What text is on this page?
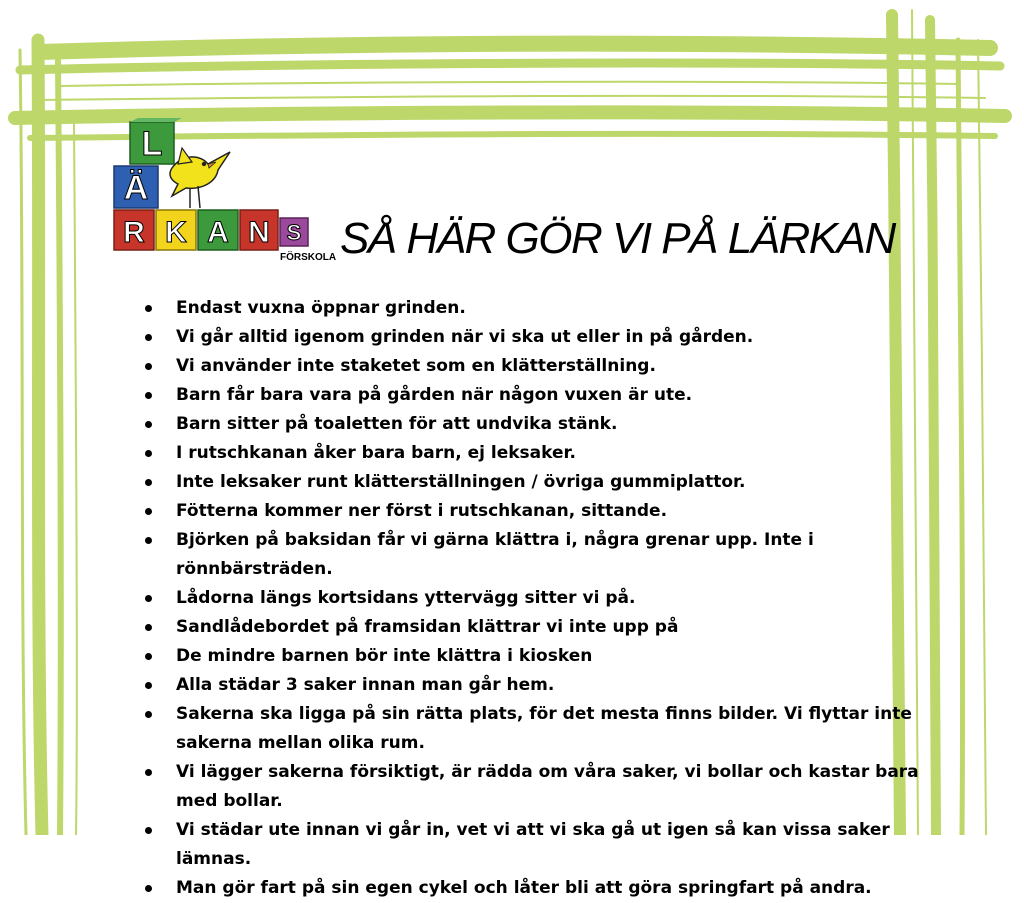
L
Ä
R K A N S
FÖRSKOLA SÅ HÄR GÖR VI PÅ LÄRKAN
Endast vuxna öppnar grinden.
Vi går alltid igenom grinden när vi ska ut eller in på gården.
Vi använder inte staketet som en klätterställning.
Barn får bara vara på gården när någon vuxen är ute.
Barn sitter på toaletten för att undvika stänk.
I rutschkanan åker bara barn, ej leksaker.
Inte leksaker runt klätterställningen / övriga gummiplattor.
Fötterna kommer ner först i rutschkanan, sittande.
Björken på baksidan får vi gärna klättra i, några grenar upp. Inte i rönnbärsträden.
Lådorna längs kortsidans yttervägg sitter vi på.
Sandlådebordet på framsidan klättrar vi inte upp på
De mindre barnen bör inte klättra i kiosken
Alla städar 3 saker innan man går hem.
Sakerna ska ligga på sin rätta plats, för det mesta finns bilder. Vi flyttar inte sakerna mellan olika rum.
Vi lägger sakerna försiktigt, är rädda om våra saker, vi bollar och kastar bara med bollar.
Vi städar ute innan vi går in, vet vi att vi ska gå ut igen så kan vissa saker lämnas.
Man gör fart på sin egen cykel och låter bli att göra springfart på andra.
